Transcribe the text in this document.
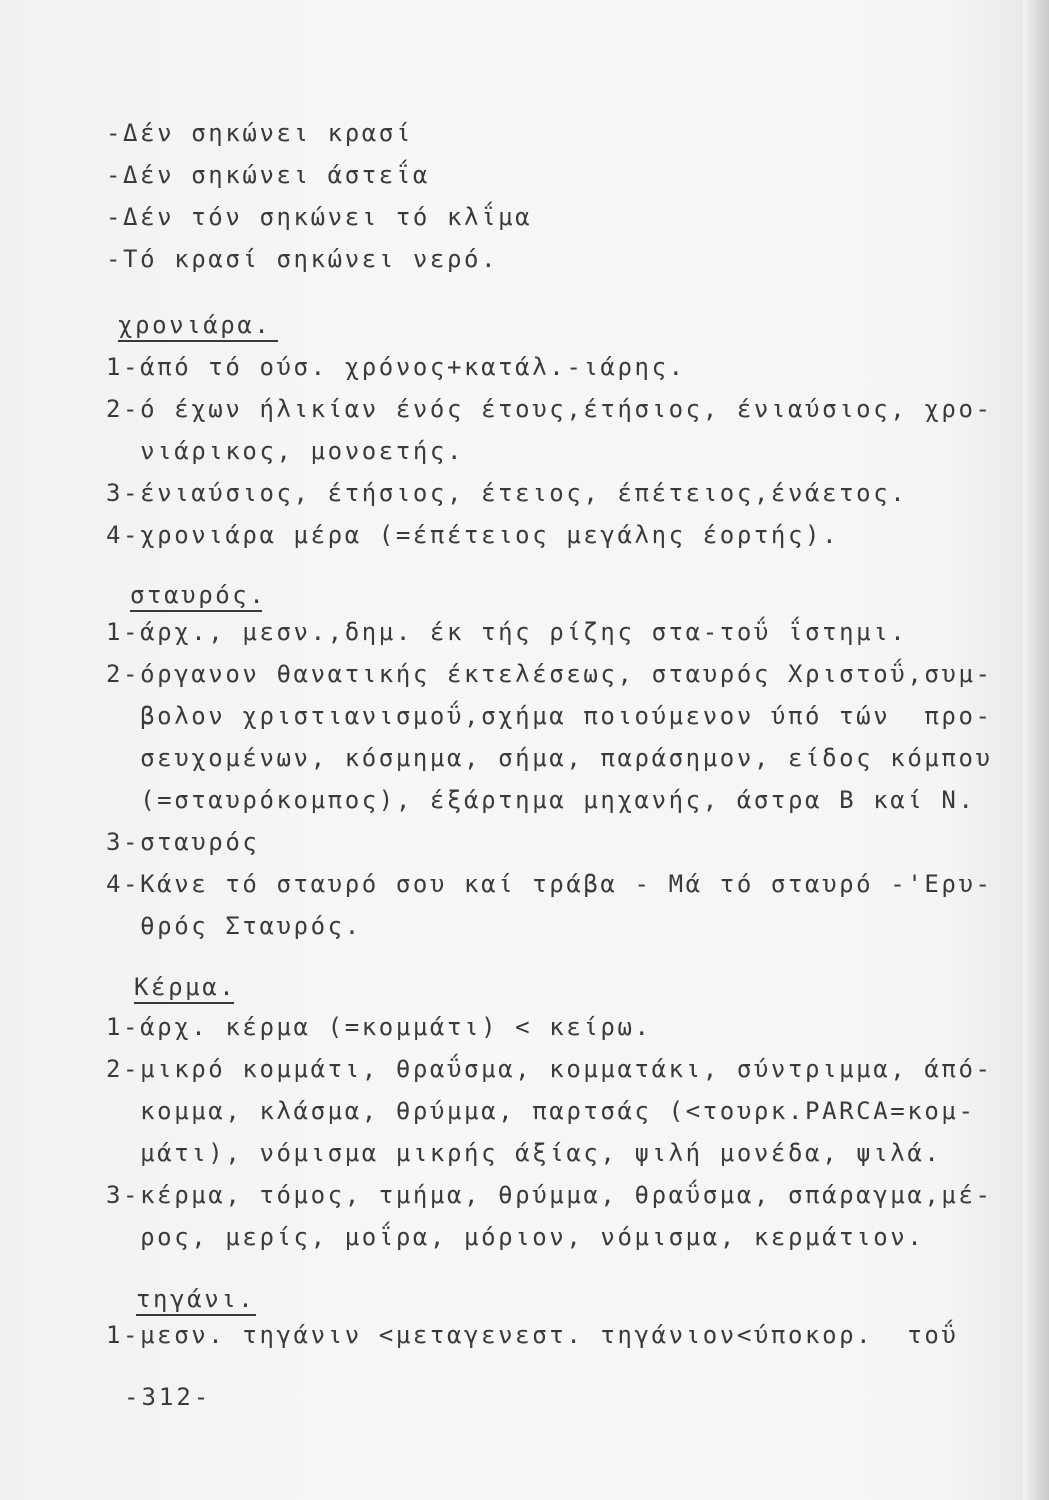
-Δέν σηκώνει κρασί
-Δέν σηκώνει άστεΐα
-Δέν τόν σηκώνει τό κλΐμα
-Τό κρασί σηκώνει νερό.
χρονιάρα.
1-άπό τό ούσ. χρόνος+κατάλ.-ιάρης.
2-ό έχων ήλικίαν ένός έτους,έτήσιος, ένιαύσιος, χρο-
νιάρικος, μονοετής.
3-ένιαύσιος, έτήσιος, έτειος, έπέτειος,ένάετος.
4-χρονιάρα μέρα (=έπέτειος μεγάλης έορτής).
σταυρός.
1-άρχ., μεσν.,δημ. έκ τής ρίζης στα-τοΰ ΐστημι.
2-όργανον θανατικής έκτελέσεως, σταυρός Χριστοΰ,συμ-
βολον χριστιανισμοΰ,σχήμα ποιούμενον ύπό τών  προ-
σευχομένων, κόσμημα, σήμα, παράσημον, είδος κόμπου
(=σταυρόκομπος), έξάρτημα μηχανής, άστρα Β καί Ν.
3-σταυρός
4-Κάνε τό σταυρό σου καί τράβα - Μά τό σταυρό -'Ερυ-
θρός Σταυρός.
Κέρμα.
1-άρχ. κέρμα (=κομμάτι) < κείρω.
2-μικρό κομμάτι, θραΰσμα, κομματάκι, σύντριμμα, άπό-
κομμα, κλάσμα, θρύμμα, παρτσάς (<τουρκ.PARCA=κομ-
μάτι), νόμισμα μικρής άξίας, ψιλή μονέδα, ψιλά.
3-κέρμα, τόμος, τμήμα, θρύμμα, θραΰσμα, σπάραγμα,μέ-
ρος, μερίς, μοΐρα, μόριον, νόμισμα, κερμάτιον.
τηγάνι.
1-μεσν. τηγάνιν <μεταγενεστ. τηγάνιον<ύποκορ.  τοΰ
-312-
